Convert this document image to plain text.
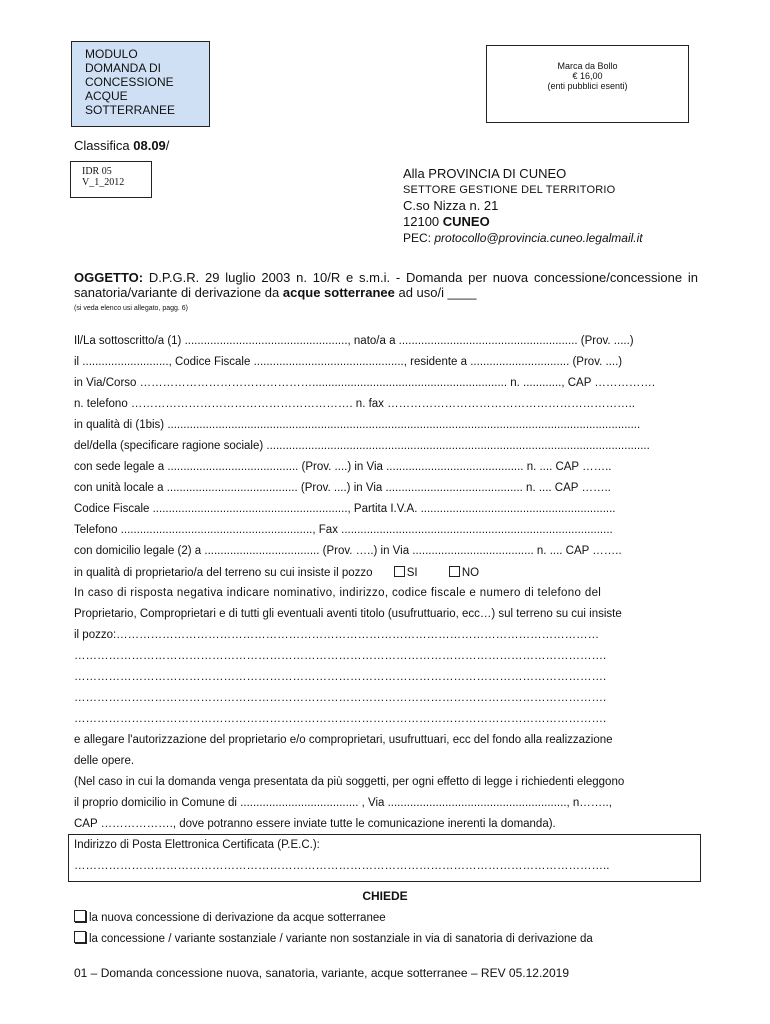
MODULO
DOMANDA DI
CONCESSIONE
ACQUE
SOTTERRANEE
Marca da Bollo
€ 16,00
(enti pubblici esenti)
Classifica 08.09/
IDR 05
V_1_2012
Alla PROVINCIA DI CUNEO
SETTORE GESTIONE DEL TERRITORIO
C.so Nizza n. 21
12100 CUNEO
PEC: protocollo@provincia.cuneo.legalmail.it
OGGETTO: D.P.G.R. 29 luglio 2003 n. 10/R e s.m.i. - Domanda per nuova concessione/concessione in sanatoria/variante di derivazione da acque sotterranee ad uso/i ____
(si veda elenco usi allegato, pagg. 6)
Il/La sottoscritto/a (1) ..................................................., nato/a a ........................................................ (Prov. .....)
il ..........................., Codice Fiscale ..............................................., residente a ............................... (Prov. ....)
in Via/Corso ………………………………………............................................................. n. ............, CAP …………….
n. telefono …………………………………………………. n. fax ………………………………………………………..
in qualità di (1bis) ....................................................................................................................................................
del/della (specificare ragione sociale) ........................................................................................................................
con sede legale a ......................................... (Prov. ....) in Via ........................................... n. .... CAP ……..
con unità locale a ......................................... (Prov. ....) in Via ........................................... n. .... CAP ……..
Codice Fiscale ............................................................., Partita I.V.A. .............................................................
Telefono ............................................................, Fax .....................................................................................
con domicilio legale (2) a .................................... (Prov. …..) in Via ...................................... n. .... CAP ……..
in qualità di proprietario/a del terreno su cui insiste il pozzo	SI	NO
In caso di risposta negativa indicare nominativo, indirizzo, codice fiscale e numero di telefono del
Proprietario, Comproprietari e di tutti gli eventuali aventi titolo (usufruttuario, ecc…) sul terreno su cui insiste
il pozzo:………………………………………………………………………………………………………………
………………………………………………………………………………………………………………………….
………………………………………………………………………………………………………………………….
………………………………………………………………………………………………………………………….
………………………………………………………………………………………………………………………….
e allegare l'autorizzazione del proprietario e/o comproprietari, usufruttuari, ecc del fondo alla realizzazione
delle opere.
(Nel caso in cui la domanda venga presentata da più soggetti, per ogni effetto di legge i richiedenti eleggono
il proprio domicilio in Comune di ..................................... , Via ........................................................, n……..,
CAP ………………., dove potranno essere inviate tutte le comunicazione inerenti la domanda).
Indirizzo di Posta Elettronica Certificata (P.E.C.):
…………………………………………………………………………………………………………………………..
CHIEDE
la nuova concessione di derivazione da acque sotterranee
la concessione / variante sostanziale / variante non sostanziale in via di sanatoria di derivazione da
01 – Domanda concessione nuova, sanatoria, variante, acque sotterranee – REV 05.12.2019
